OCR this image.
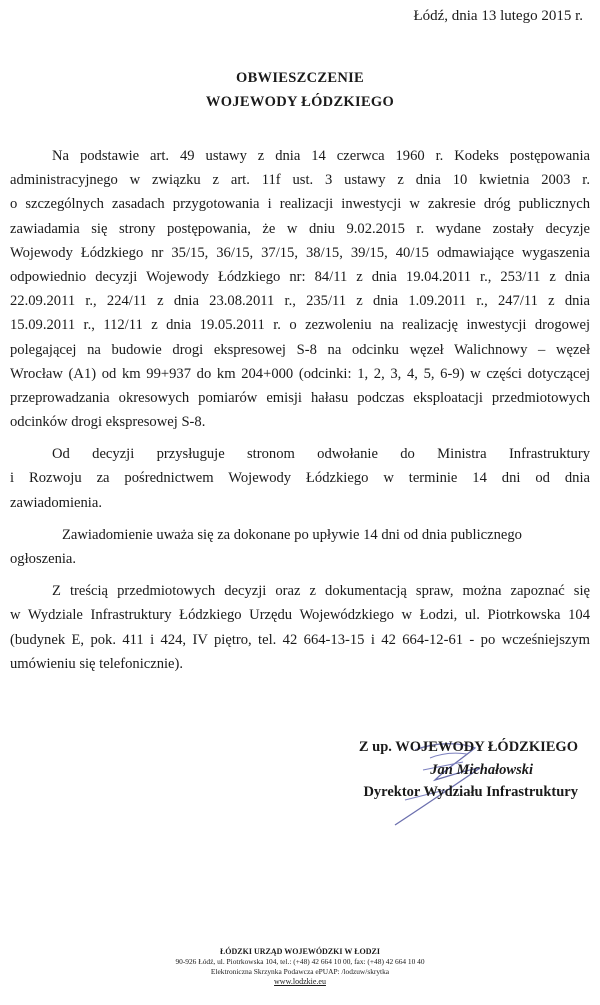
Łódź, dnia 13 lutego 2015 r.
OBWIESZCZENIE
WOJEWODY ŁÓDZKIEGO
Na podstawie art. 49 ustawy z dnia 14 czerwca 1960 r. Kodeks postępowania
administracyjnego w związku z art. 11f ust. 3 ustawy z dnia 10 kwietnia 2003 r.
o szczególnych zasadach przygotowania i realizacji inwestycji w zakresie dróg publicznych
zawiadamia się strony postępowania, że w dniu 9.02.2015 r. wydane zostały decyzje
Wojewody Łódzkiego nr 35/15, 36/15, 37/15, 38/15, 39/15, 40/15 odmawiające wygaszenia
odpowiednio decyzji Wojewody Łódzkiego nr: 84/11 z dnia 19.04.2011 r., 253/11 z dnia
22.09.2011 r., 224/11 z dnia 23.08.2011 r., 235/11 z dnia 1.09.2011 r., 247/11 z dnia
15.09.2011 r., 112/11 z dnia 19.05.2011 r. o zezwoleniu na realizację inwestycji drogowej
polegającej na budowie drogi ekspresowej S-8 na odcinku węzeł Walichnowy – węzeł
Wrocław (A1) od km 99+937 do km 204+000 (odcinki: 1, 2, 3, 4, 5, 6-9) w części dotyczącej
przeprowadzania okresowych pomiarów emisji hałasu podczas eksploatacji przedmiotowych
odcinków drogi ekspresowej S-8.
Od decyzji przysługuje stronom odwołanie do Ministra Infrastruktury
i Rozwoju za pośrednictwem Wojewody Łódzkiego w terminie 14 dni od dnia
zawiadomienia.
Zawiadomienie uważa się za dokonane po upływie 14 dni od dnia publicznego
ogłoszenia.
Z treścią przedmiotowych decyzji oraz z dokumentacją spraw, można zapoznać się
w Wydziale Infrastruktury Łódzkiego Urzędu Wojewódzkiego w Łodzi, ul. Piotrkowska 104
(budynek E, pok. 411 i 424, IV piętro, tel. 42 664-13-15 i 42 664-12-61 - po wcześniejszym
umówieniu się telefonicznie).
Z up. WOJEWODY ŁÓDZKIEGO
Jan Michałowski
Dyrektor Wydziału Infrastruktury
ŁÓDZKI URZĄD WOJEWÓDZKI W ŁODZI
90-926 Łódź, ul. Piotrkowska 104, tel.: (+48) 42 664 10 00, fax: (+48) 42 664 10 40
Elektroniczna Skrzynka Podawcza ePUAP: /lodzuw/skrytka
www.lodzkie.eu
